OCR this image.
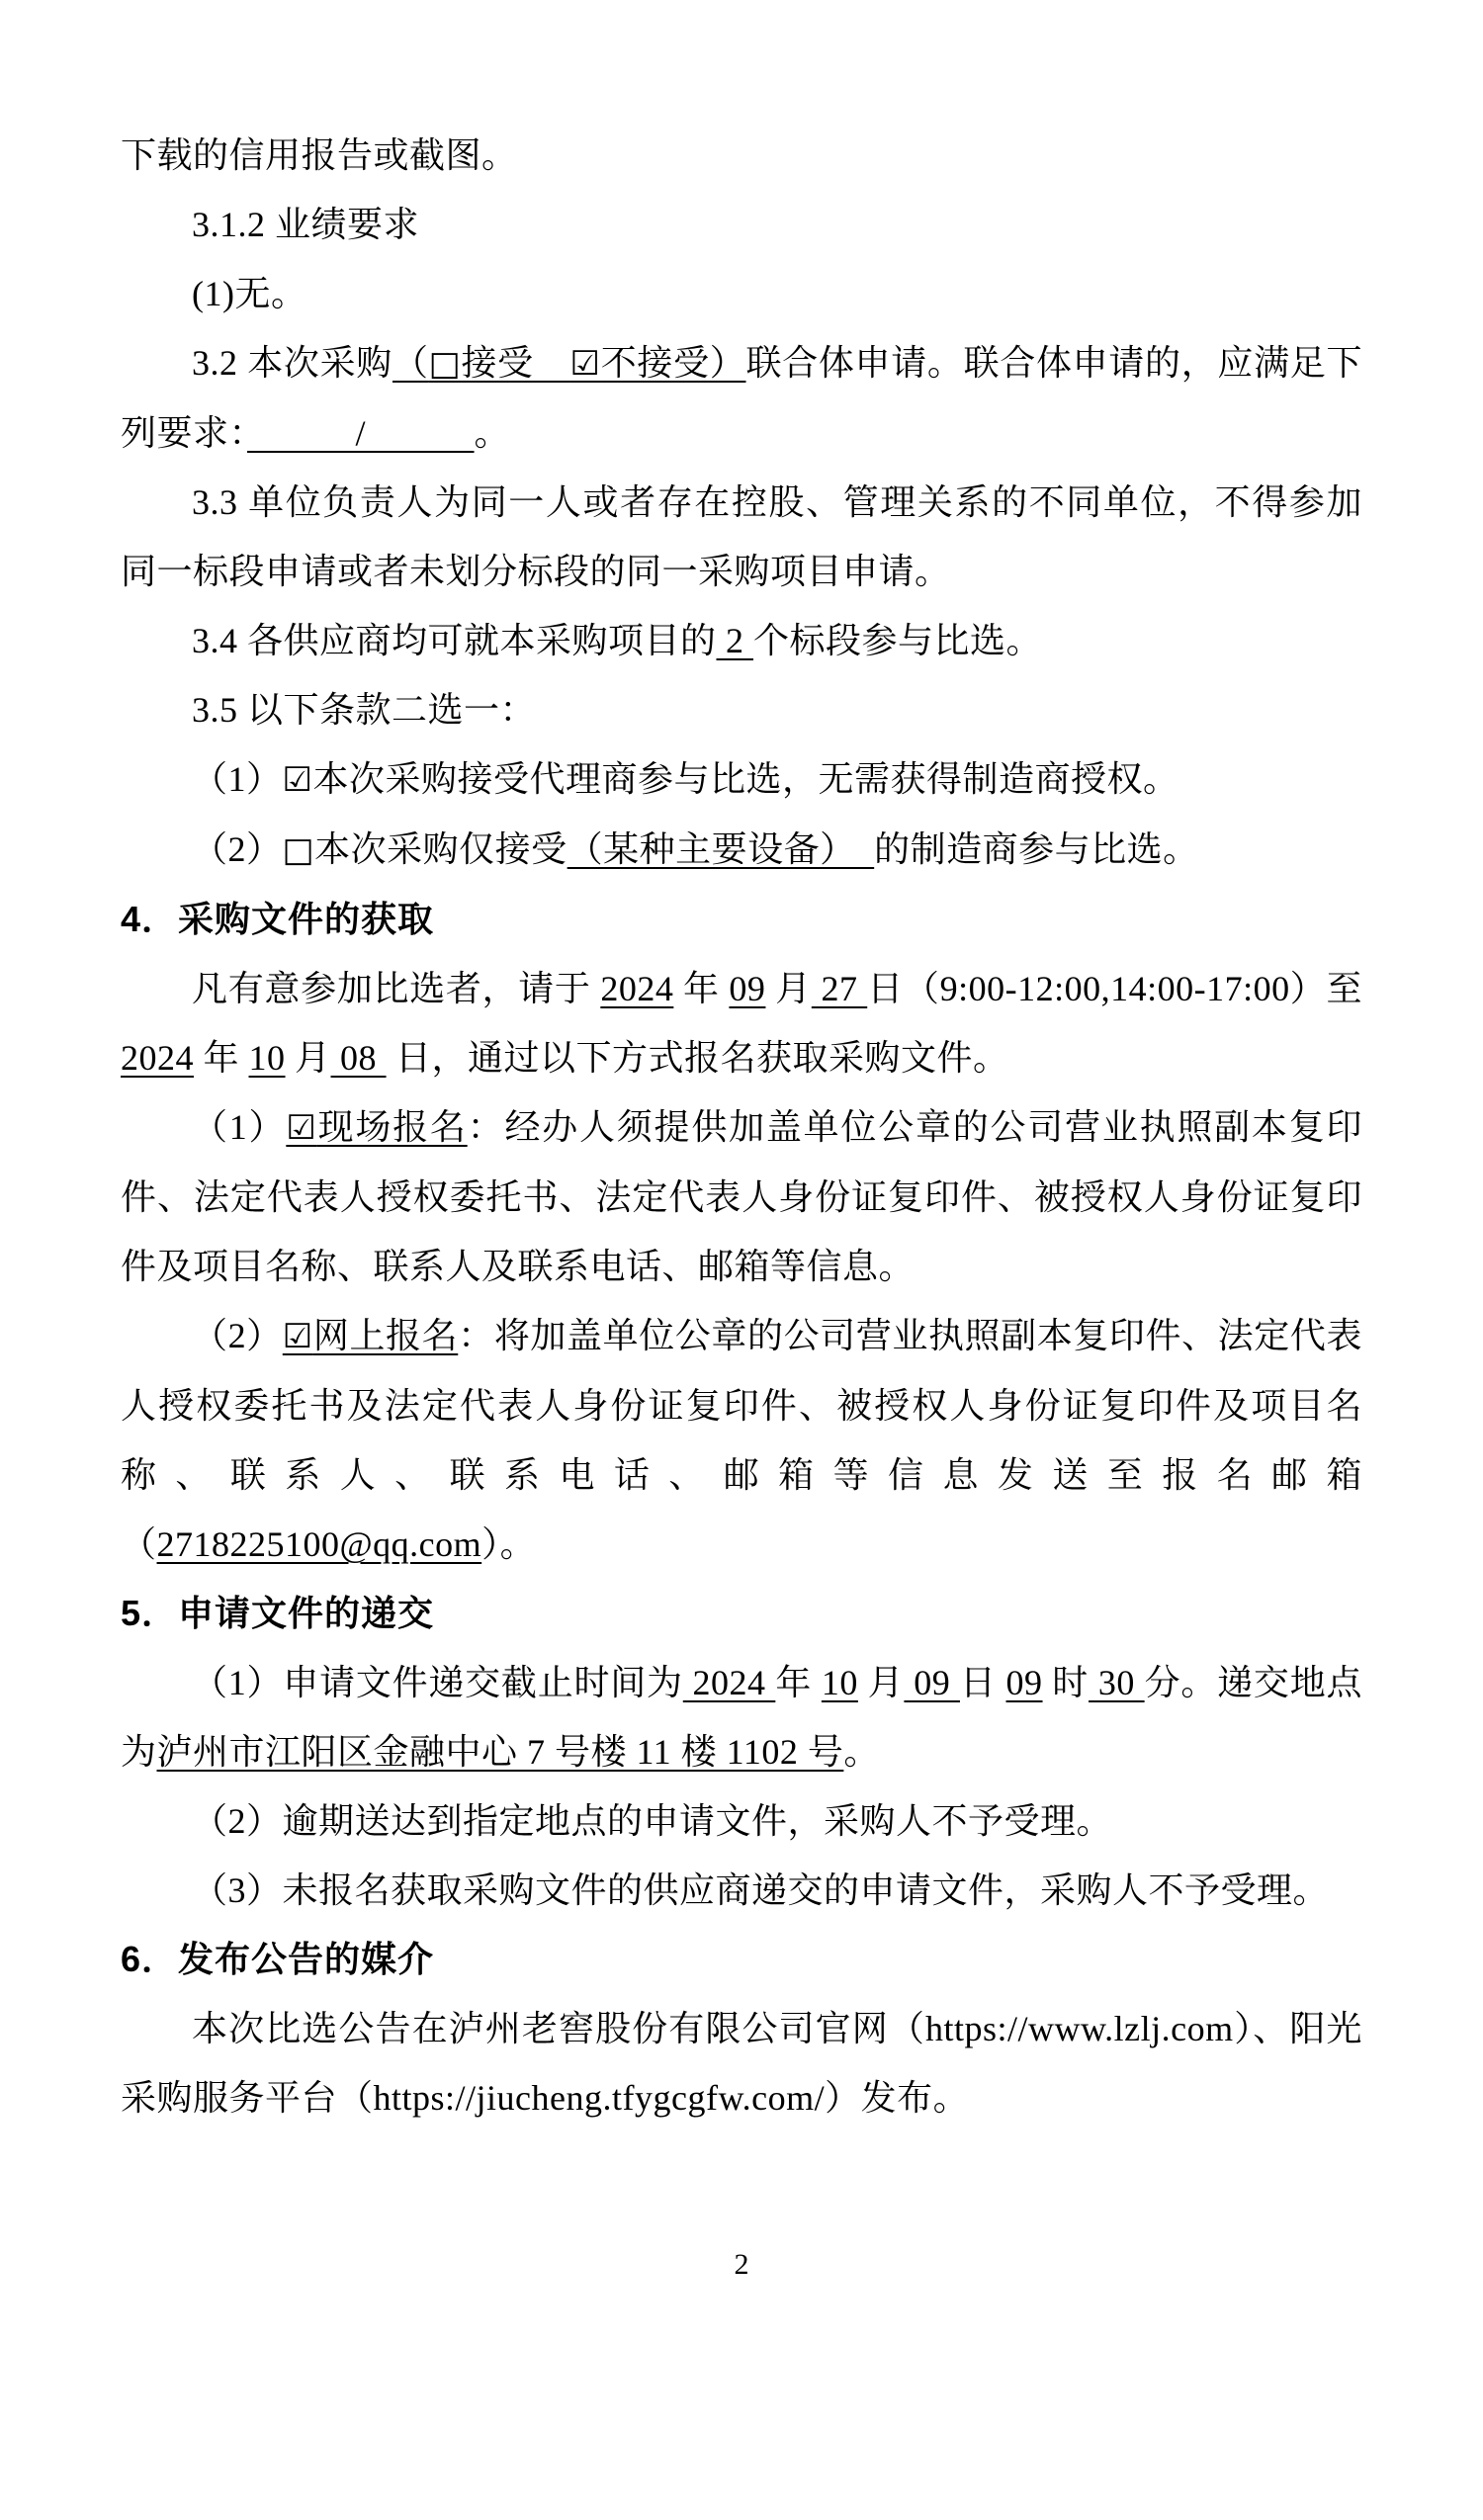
下载的信用报告或截图。

3.1.2 业绩要求

(1)无。

3.2 本次采购（□接受　☑不接受）联合体申请。联合体申请的，应满足下列要求：　　　/　　　。

3.3 单位负责人为同一人或者存在控股、管理关系的不同单位，不得参加同一标段申请或者未划分标段的同一采购项目申请。

3.4 各供应商均可就本采购项目的 2 个标段参与比选。

3.5 以下条款二选一：

（1）☑本次采购接受代理商参与比选，无需获得制造商授权。

（2）□本次采购仅接受（某种主要设备）　的制造商参与比选。

4．采购文件的获取

凡有意参加比选者，请于 2024 年 09 月 27 日（9:00-12:00,14:00-17:00）至 2024 年 10 月 08  日，通过以下方式报名获取采购文件。

（1）☑现场报名：经办人须提供加盖单位公章的公司营业执照副本复印件、法定代表人授权委托书、法定代表人身份证复印件、被授权人身份证复印件及项目名称、联系人及联系电话、邮箱等信息。

（2）☑网上报名：将加盖单位公章的公司营业执照副本复印件、法定代表人授权委托书及法定代表人身份证复印件、被授权人身份证复印件及项目名称、联系人、联系电话、邮箱等信息发送至报名邮箱（2718225100@qq.com）。

5．申请文件的递交

（1）申请文件递交截止时间为 2024 年 10 月 09 日 09 时 30 分。递交地点为泸州市江阳区金融中心 7 号楼 11 楼 1102 号。

（2）逾期送达到指定地点的申请文件，采购人不予受理。

（3）未报名获取采购文件的供应商递交的申请文件，采购人不予受理。

6．发布公告的媒介

本次比选公告在泸州老窖股份有限公司官网（https://www.lzlj.com）、阳光采购服务平台（https://jiucheng.tfygcgfw.com/）发布。

2
